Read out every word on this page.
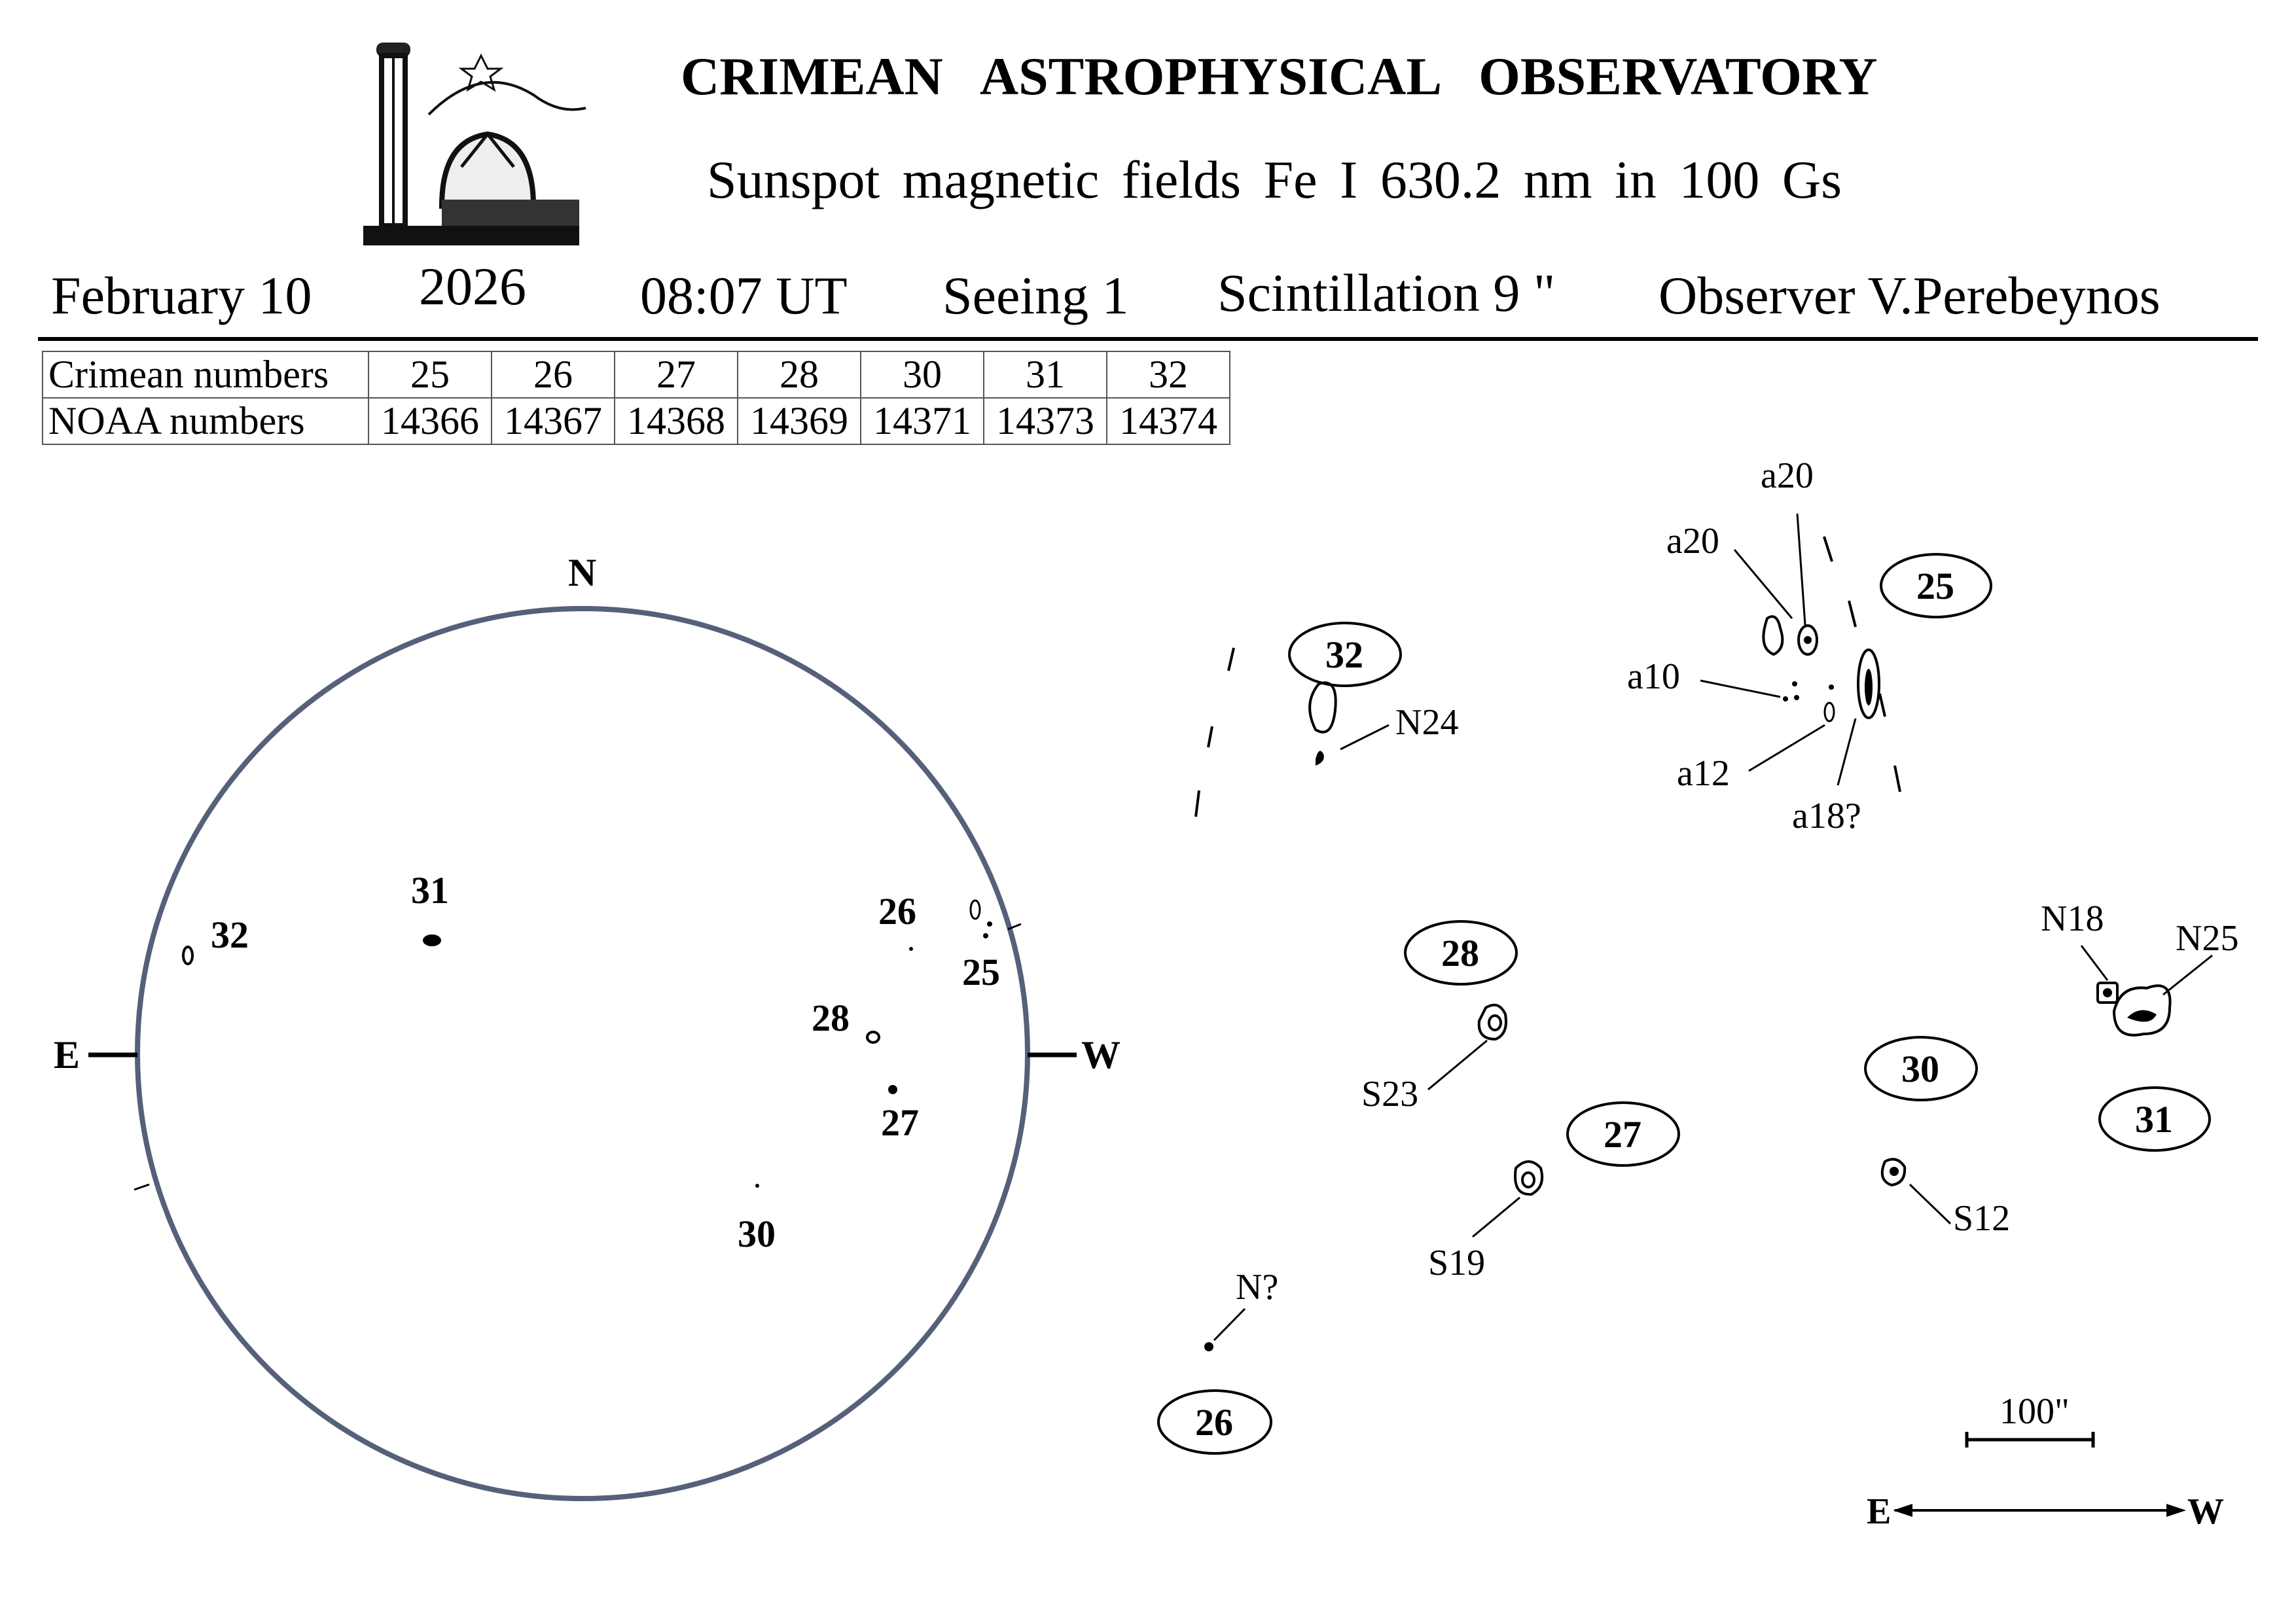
CRIMEAN ASTROPHYSICAL OBSERVATORY
Sunspot magnetic fields Fe I 630.2 nm in 100 Gs
February 10 2026 08:07 UT Seeing 1 Scintillation 9 " Observer V.Perebeynos
Crimean numbers	25	26	27	28	30	31	32
NOAA numbers	14366	14367	14368	14369	14371	14373	14374
N
E	W
32
31	26
25
28
27
30
32
N24
25
a20
a20
a10
a12
a18?
28
S23
27
S19
26
N?
30
S12
31
N18 N25
100"
E	W
